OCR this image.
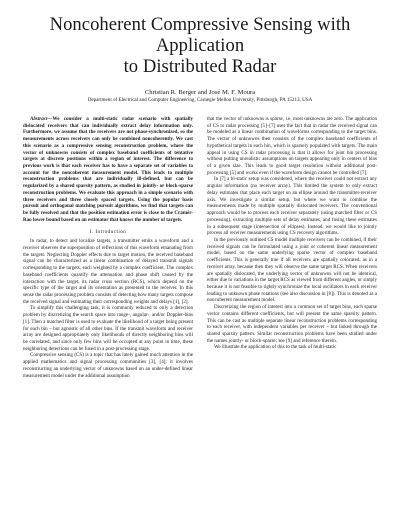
Noncoherent Compressive Sensing with Application
to Distributed Radar
Christian R. Berger and José M. F. Moura
Department of Electrical and Computer Engineering, Carnegie Mellon University, Pittsburgh, PA 15213, USA

Abstract—We consider a multi-static radar scenario with spatially dislocated receivers that can individually extract delay information only. Furthermore, we assume that the receivers are not phase-synchronized, so the measurements across receivers can only be combined noncoherently. We cast this scenario as a compressive sensing reconstruction problem, where the vector of unknowns consists of complex baseband coefficients of tentative targets at discrete positions within a region of interest. The difference to previous work is that each receiver has to have a separate set of variables to account for the noncoherent measurement model. This leads to multiple reconstruction problems that are individually ill-defined, but can be regularized by a shared sparsity pattern, as studied in jointly- or block-sparse reconstruction problems. We evaluate this approach in a simple scenario with three receivers and three closely spaced targets. Using the popular basis pursuit and orthogonal matching pursuit algorithms, we find that targets can be fully resolved and that the position estimation error is close to the Cramér-Rao lower bound based on an estimator that knows the number of targets.

I. Introduction

In radar, to detect and localize targets, a transmitter emits a waveform and a receiver observes the superposition of reflections of this waveform emanating from the targets. Neglecting Doppler effects due to target motion, the received baseband signal can be characterized as a linear combination of delayed transmit signals corresponding to the targets, each weighted by a complex coefficient. The complex baseband coefficients quantify the attenuation and phase shift caused by the interaction with the target, its radar cross section (RCS), which depend on the specific type of the target and its orientation as presented to the receiver. In this sense the radar processing problem consists of detecting how many targets compose the received signal and estimating their corresponding weights and delays [1], [2].

To simplify this challenging task, it is commonly reduced to only a detection problem by discretizing the search space into range-, angular-, and/or Doppler-bins [1]. Then a matched filter is used to evaluate the likelihood of a target being present for each bin – but agnostic of all other bins. If the transmit waveform and receiver array are designed appropriately only likelihoods of directly neighboring bins will be correlated, and since only few bins will be occupied at any point in time, these neighboring detections can be fused in a post-processing stage.

Compressive sensing (CS) is a topic that has lately gained much attention in the applied mathematics and signal processing communities [3], [4]; it involves reconstructing an underlying vector of unknowns based on an under-defined linear measurement model under the additional assumption

that the vector of unknowns is sparse, i.e, most unknowns are zero. The application of CS to radar processing [5]–[7] uses the fact that in radar the received signal can be modeled as a linear combination of waveforms corresponding to the target bins. The vector of unknowns then consists of the complex baseband coefficients of hypothetical targets in each bin, which is sparsely populated with targets. The main appeal in using CS in radar processing is that it allows for joint bin processing without putting unrealistic assumptions on targets appearing only in centers of bins of a given size. This leads to good target resolution without additional post-processing [5] and works even if the waveform design cannot be controlled [7].

In [7] a bi-static setup was considered, where the receiver could not extract any angular information (no receiver array). This limited the system to only extract delay estimates that place each target on an ellipse around the transmitter-receiver axis. We investigate a similar setup, but where we want to combine the measurements made by multiple spatially dislocated receivers. The conventional approach would be to process each receiver separately (using matched filter or CS processing), extracting multiple sets of delay estimates, and fusing these estimates in a subsequent stage (intersection of ellipses). Instead, we would like to jointly process all receiver measurements using CS recovery algorithms.

In the previously outlined CS model multiple receivers can be combined, if their received signals can be formulated using a joint or coherent linear measurement model, based on the same underlying sparse vector of complex baseband coefficients. This is generally true if all receivers are spatially colocated, as in a receiver array, because then they will observe the same target RCS. When receivers are spatially dislocated, the underlying vector of unknowns will not be identical, either due to variations in the target RCS as viewed from different angles, or simply because it is not feasible to tightly synchronize the local oscillators in each receiver leading to unknown phase rotations (see also discussion in [8]). This is denoted as a noncoherent measurement model.

Discretizing the region of interest into a common set of target bins, each sparse vector contains different coefficients, but will present the same sparsity pattern. This can be cast as multiple separate linear reconstruction problems corresponding to each receiver, with independent variables per receiver – but linked through the shared sparsity pattern. Similar reconstruction problems have been studied under the names jointly- or block-sparse; see [9] and reference therein.

We illustrate the application of this to the task of multi-static
